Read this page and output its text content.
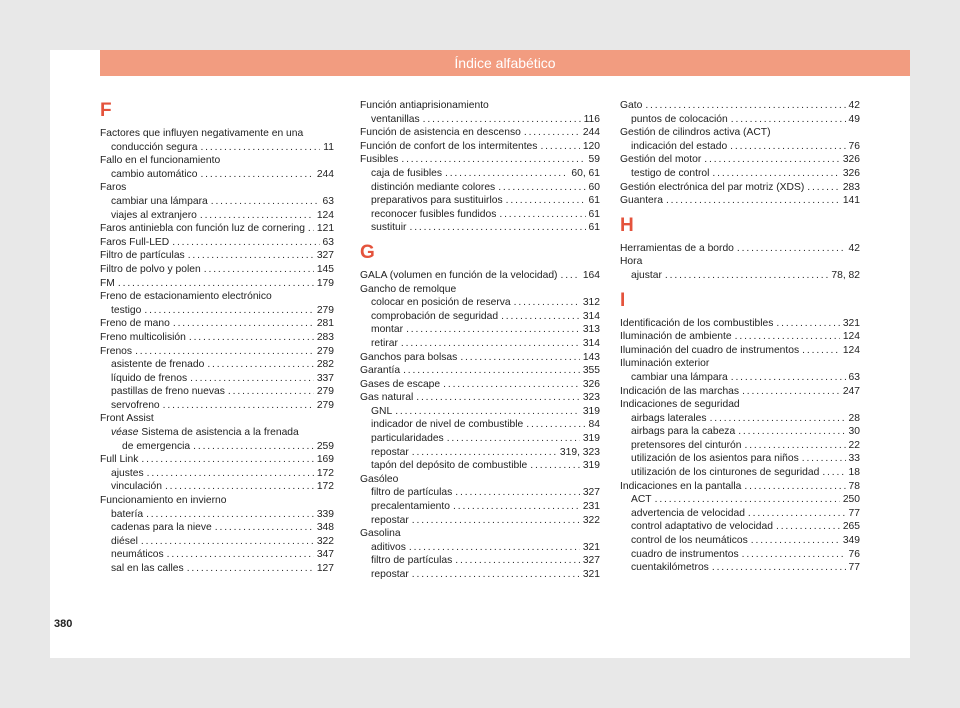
Índice alfabético
F
Factores que influyen negativamente en una
conducción segura . . .	11
Fallo en el funcionamiento
cambio automático . . .	244
Faros
cambiar una lámpara . . .	63
viajes al extranjero . . .	124
Faros antiniebla con función luz de cornering . . . 121
Faros Full-LED . . .	63
Filtro de partículas . . .	327
Filtro de polvo y polen . . .	145
FM . . .	179
Freno de estacionamiento electrónico
testigo . . .	279
Freno de mano . . .	281
Freno multicolisión . . .	283
Frenos . . .	279
asistente de frenado . . .	282
líquido de frenos . . .	337
pastillas de freno nuevas . . .	279
servofreno . . .	279
Front Assist
véase Sistema de asistencia a la frenada
de emergencia . . .	259
Full Link . . .	169
ajustes . . .	172
vinculación . . .	172
Funcionamiento en invierno
batería . . .	339
cadenas para la nieve . . .	348
diésel . . .	322
neumáticos . . .	347
sal en las calles . . .	127
Función antiaprisionamiento
ventanillas . . .	116
Función de asistencia en descenso . . .	244
Función de confort de los intermitentes . . .	120
Fusibles . . .	59
caja de fusibles . . .	60, 61
distinción mediante colores . . .	60
preparativos para sustituirlos . . .	61
reconocer fusibles fundidos . . .	61
sustituir . . .	61
G
GALA (volumen en función de la velocidad) . . . 164
Gancho de remolque
colocar en posición de reserva . . .	312
comprobación de seguridad . . .	314
montar . . .	313
retirar . . .	314
Ganchos para bolsas . . .	143
Garantía . . .	355
Gases de escape . . .	326
Gas natural . . .	323
GNL . . .	319
indicador de nivel de combustible . . .	84
particularidades . . .	319
repostar . . .	319, 323
tapón del depósito de combustible . . .	319
Gasóleo
filtro de partículas . . .	327
precalentamiento . . .	231
repostar . . .	322
Gasolina
aditivos . . .	321
filtro de partículas . . .	327
repostar . . .	321
Gato . . .	42
puntos de colocación . . .	49
Gestión de cilindros activa (ACT)
indicación del estado . . .	76
Gestión del motor . . .	326
testigo de control . . .	326
Gestión electrónica del par motriz (XDS) . . .	283
Guantera . . .	141
H
Herramientas de a bordo . . .	42
Hora
ajustar . . .	78, 82
I
Identificación de los combustibles . . .	321
Iluminación de ambiente . . .	124
Iluminación del cuadro de instrumentos . . .	124
Iluminación exterior
cambiar una lámpara . . .	63
Indicación de las marchas . . .	247
Indicaciones de seguridad
airbags laterales . . .	28
airbags para la cabeza . . .	30
pretensores del cinturón . . .	22
utilización de los asientos para niños . . .	33
utilización de los cinturones de seguridad . . .	18
Indicaciones en la pantalla . . .	78
ACT . . .	250
advertencia de velocidad . . .	77
control adaptativo de velocidad . . .	265
control de los neumáticos . . .	349
cuadro de instrumentos . . .	76
cuentakilómetros . . .	77
380
